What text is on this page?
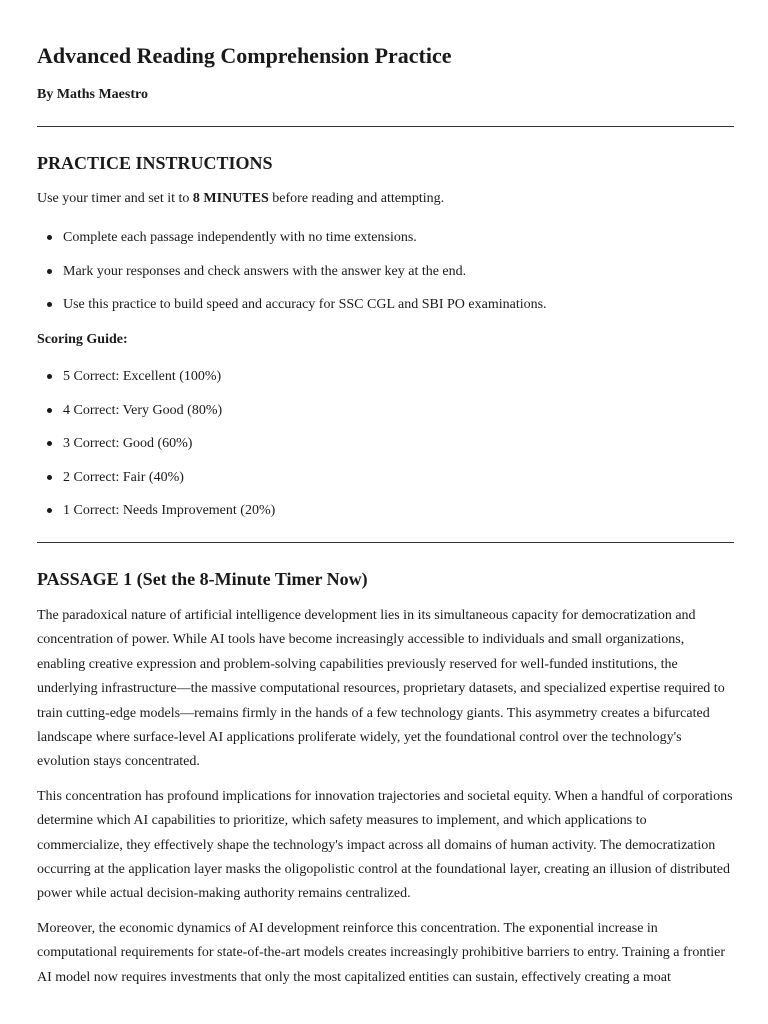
Advanced Reading Comprehension Practice

By Maths Maestro

PRACTICE INSTRUCTIONS

Use your timer and set it to 8 MINUTES before reading and attempting.

Complete each passage independently with no time extensions.
Mark your responses and check answers with the answer key at the end.
Use this practice to build speed and accuracy for SSC CGL and SBI PO examinations.

Scoring Guide:

5 Correct: Excellent (100%)
4 Correct: Very Good (80%)
3 Correct: Good (60%)
2 Correct: Fair (40%)
1 Correct: Needs Improvement (20%)
PASSAGE 1 (Set the 8-Minute Timer Now)

The paradoxical nature of artificial intelligence development lies in its simultaneous capacity for democratization and concentration of power. While AI tools have become increasingly accessible to individuals and small organizations, enabling creative expression and problem-solving capabilities previously reserved for well-funded institutions, the underlying infrastructure—the massive computational resources, proprietary datasets, and specialized expertise required to train cutting-edge models—remains firmly in the hands of a few technology giants. This asymmetry creates a bifurcated landscape where surface-level AI applications proliferate widely, yet the foundational control over the technology's evolution stays concentrated.

This concentration has profound implications for innovation trajectories and societal equity. When a handful of corporations determine which AI capabilities to prioritize, which safety measures to implement, and which applications to commercialize, they effectively shape the technology's impact across all domains of human activity. The democratization occurring at the application layer masks the oligopolistic control at the foundational layer, creating an illusion of distributed power while actual decision-making authority remains centralized.

Moreover, the economic dynamics of AI development reinforce this concentration. The exponential increase in computational requirements for state-of-the-art models creates increasingly prohibitive barriers to entry. Training a frontier AI model now requires investments that only the most capitalized entities can sustain, effectively creating a moat
